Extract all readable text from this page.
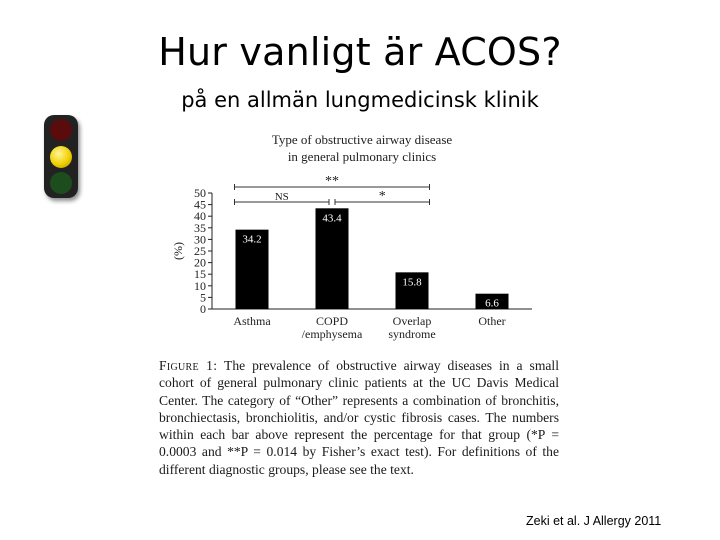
Hur vanligt är ACOS?
på en allmän lungmedicinsk klinik
Type of obstructive airway disease
in general pulmonary clinics
0
5
10
15
20
25
30
35
40
45
50
(%)
34.2
Asthma
43.4
COPD
/emphysema
15.8
Overlap
syndrome
6.6
Other
**
NS	*
Figure 1: The prevalence of obstructive airway diseases in a small cohort of general pulmonary clinic patients at the UC Davis Medical Center. The category of “Other” represents a combination of bronchitis, bronchiectasis, bronchiolitis, and/or cystic fibrosis cases. The numbers within each bar above represent the percentage for that group (*P = 0.0003 and **P = 0.014 by Fisher’s exact test). For definitions of the different diagnostic groups, please see the text.
Zeki et al. J Allergy 2011
